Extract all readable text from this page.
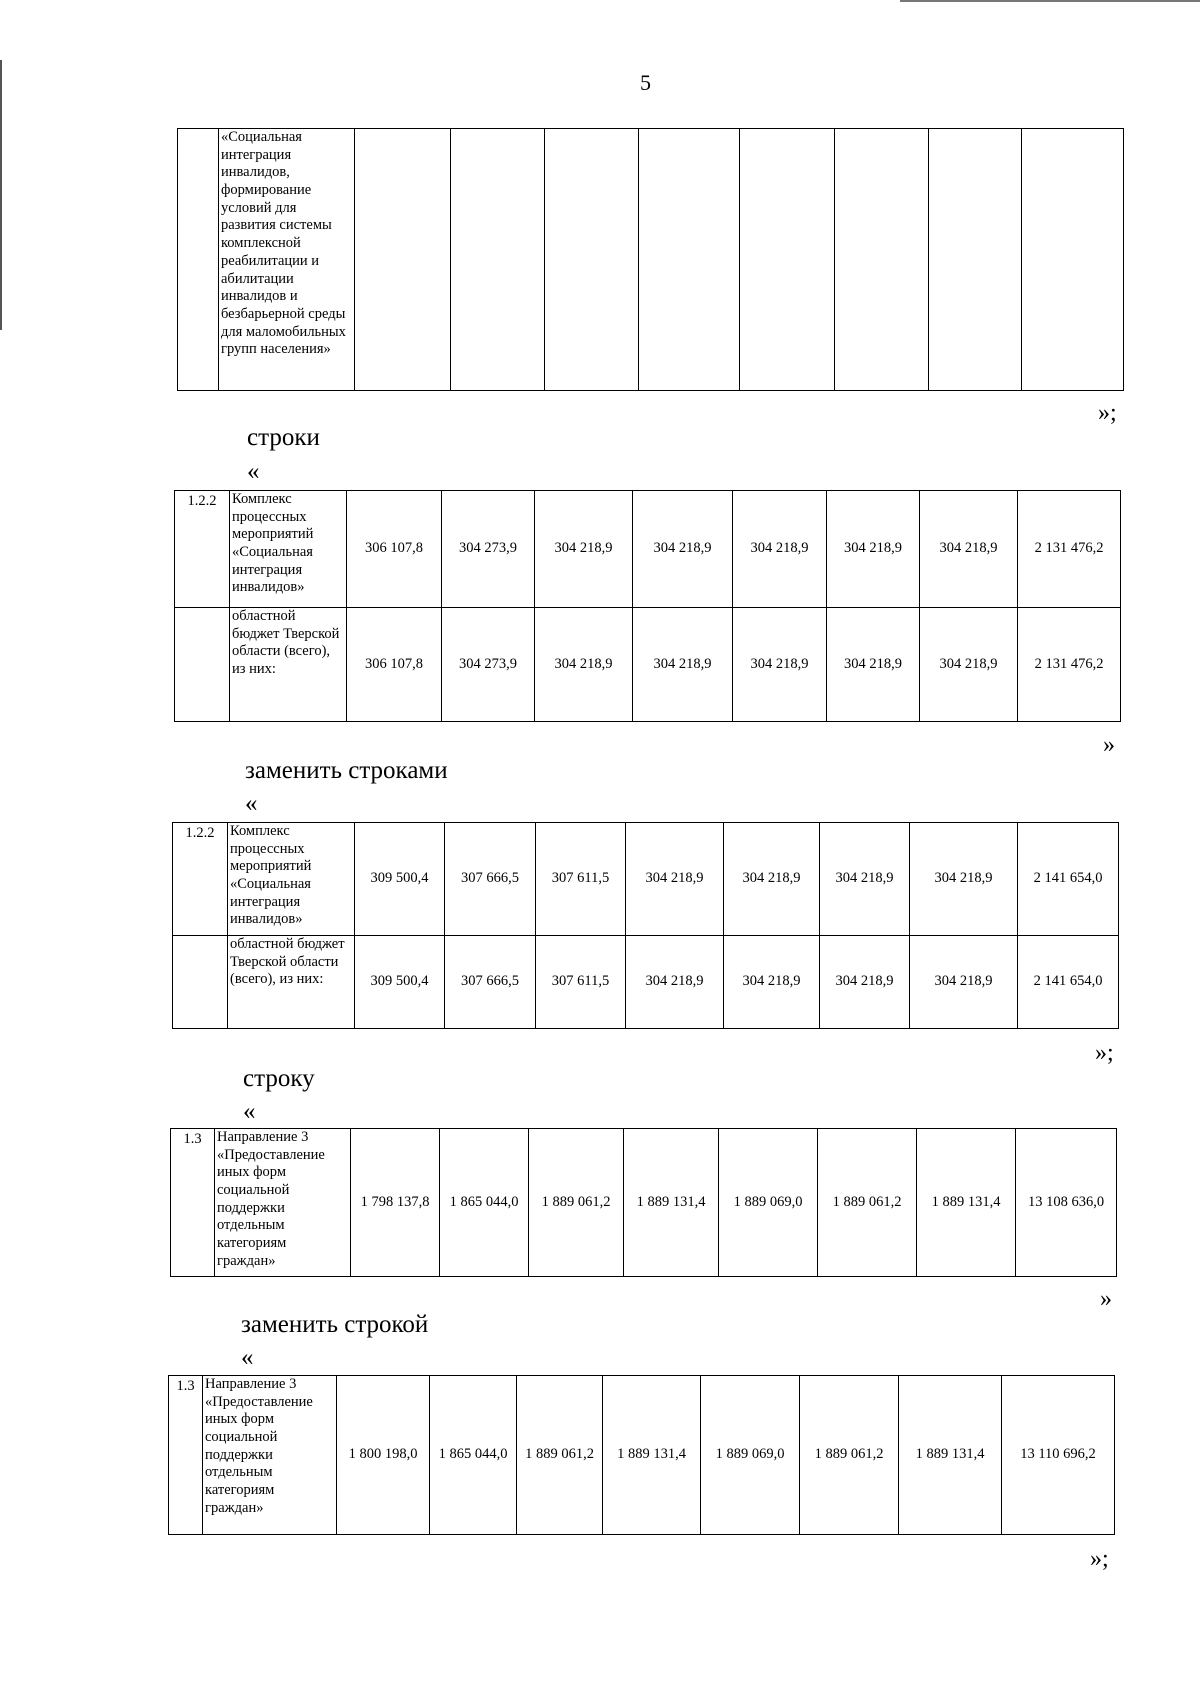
5
	«Социальная интеграция инвалидов, формирование условий для развития системы комплексной реабилитации и абилитации инвалидов и безбарьерной среды для маломобильных групп населения»								
»;
строки
«
1.2.2	Комплекс процессных мероприятий «Социальная интеграция инвалидов»	306 107,8	304 273,9	304 218,9	304 218,9	304 218,9	304 218,9	304 218,9	2 131 476,2
	областной бюджет Тверской области (всего), из них:	306 107,8	304 273,9	304 218,9	304 218,9	304 218,9	304 218,9	304 218,9	2 131 476,2
»
заменить строками
«
1.2.2	Комплекс процессных мероприятий «Социальная интеграция инвалидов»	309 500,4	307 666,5	307 611,5	304 218,9	304 218,9	304 218,9	304 218,9	2 141 654,0
	областной бюджет Тверской области (всего), из них:	309 500,4	307 666,5	307 611,5	304 218,9	304 218,9	304 218,9	304 218,9	2 141 654,0
»;
строку
«
1.3	Направление 3 «Предоставление иных форм социальной поддержки отдельным категориям граждан»	1 798 137,8	1 865 044,0	1 889 061,2	1 889 131,4	1 889 069,0	1 889 061,2	1 889 131,4	13 108 636,0
»
заменить строкой
«
1.3	Направление 3 «Предоставление иных форм социальной поддержки отдельным категориям граждан»	1 800 198,0	1 865 044,0	1 889 061,2	1 889 131,4	1 889 069,0	1 889 061,2	1 889 131,4	13 110 696,2
»;
